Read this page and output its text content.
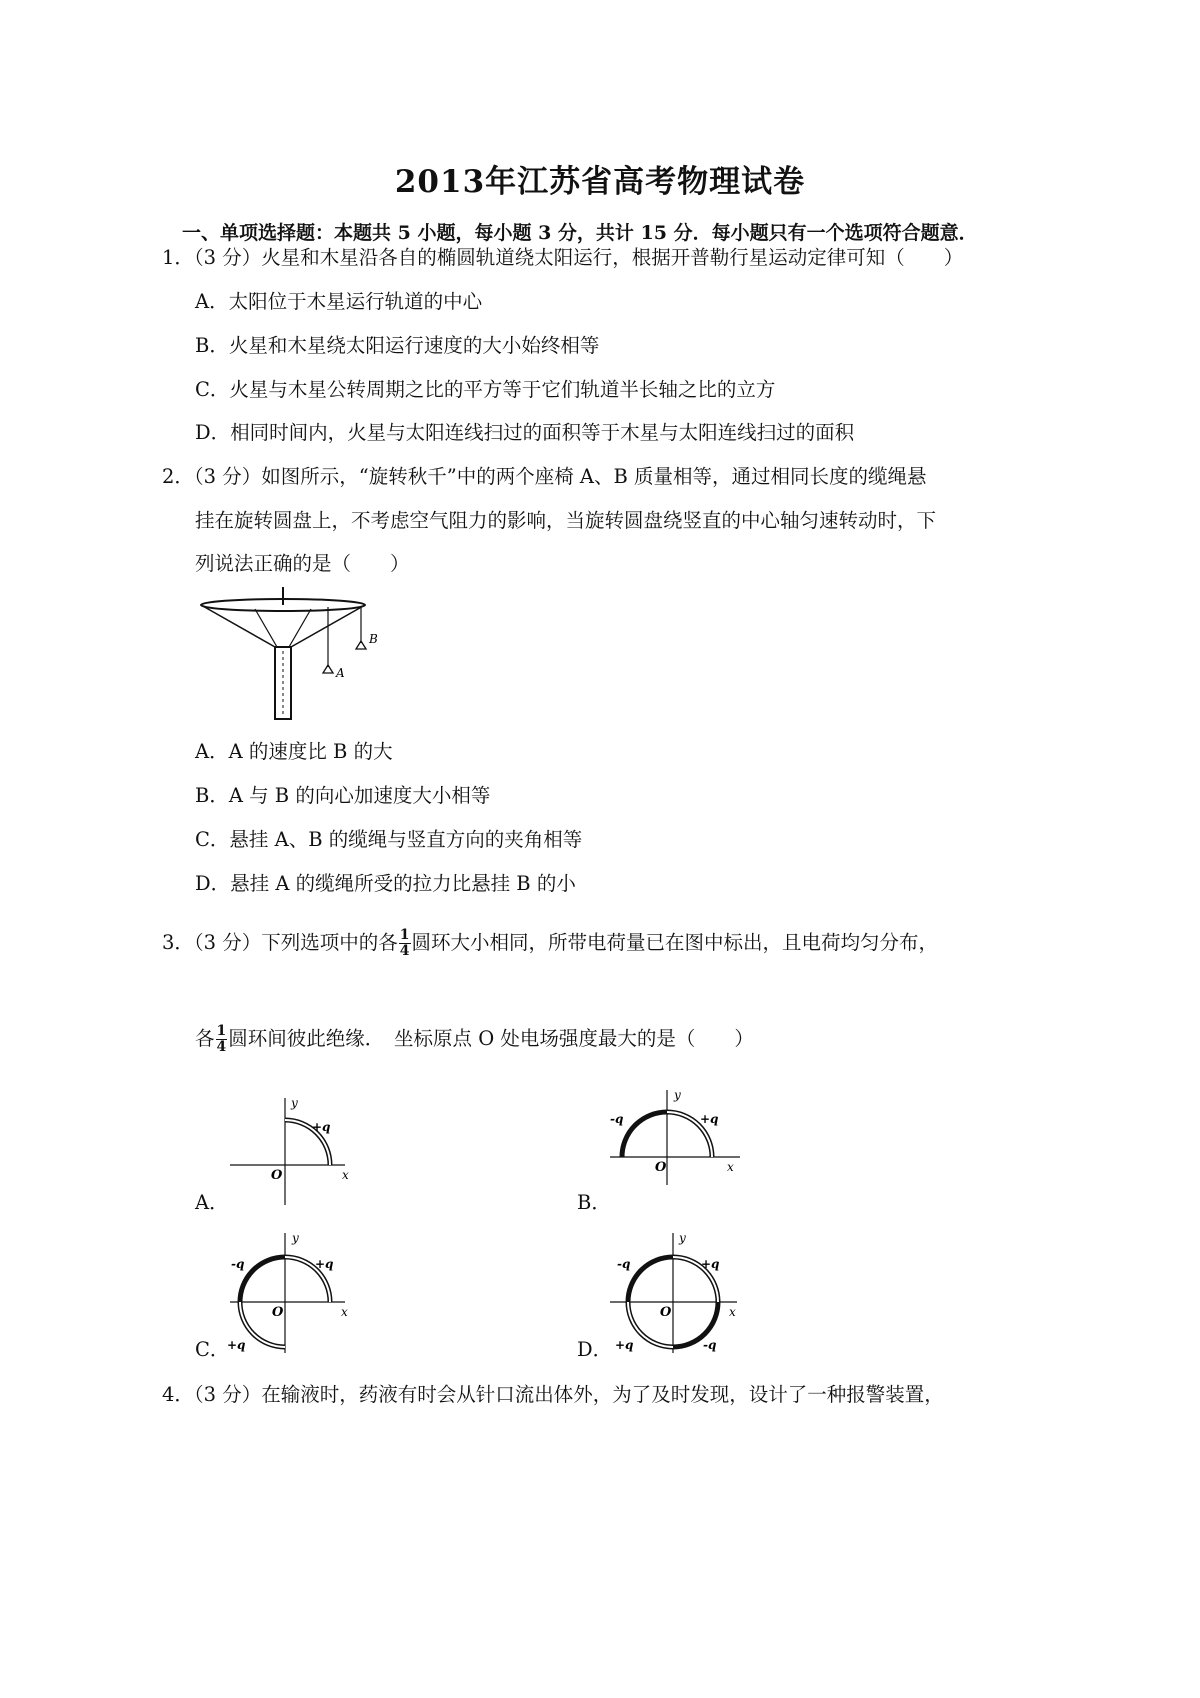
2013年江苏省高考物理试卷
一、单项选择题：本题共 5 小题，每小题 3 分，共计 15 分．每小题只有一个选项符合题意．
1．（3 分）火星和木星沿各自的椭圆轨道绕太阳运行，根据开普勒行星运动定律可知（　　）
A．太阳位于木星运行轨道的中心
B．火星和木星绕太阳运行速度的大小始终相等
C．火星与木星公转周期之比的平方等于它们轨道半长轴之比的立方
D．相同时间内，火星与太阳连线扫过的面积等于木星与太阳连线扫过的面积
2．（3 分）如图所示，“旋转秋千”中的两个座椅 A、B 质量相等，通过相同长度的缆绳悬
挂在旋转圆盘上，不考虑空气阻力的影响，当旋转圆盘绕竖直的中心轴匀速转动时，下
列说法正确的是（　　）
A
B
A．A 的速度比 B 的大
B．A 与 B 的向心加速度大小相等
C．悬挂 A、B 的缆绳与竖直方向的夹角相等
D．悬挂 A 的缆绳所受的拉力比悬挂 B 的小
3．（3 分）下列选项中的各 $\frac{1}{4}$ 圆环大小相同，所带电荷量已在图中标出，且电荷均匀分布，
各 $\frac{1}{4}$ 圆环间彼此绝缘．　坐标原点 O 处电场强度最大的是（　　）
A．
y
x
O
+q
B．
y
x
O
-q	+q
C．
y
x
O
-q	+q
+q	D．
y
x
O
-q	+q
+q	-q
4．（3 分）在输液时，药液有时会从针口流出体外，为了及时发现，设计了一种报警装置，
